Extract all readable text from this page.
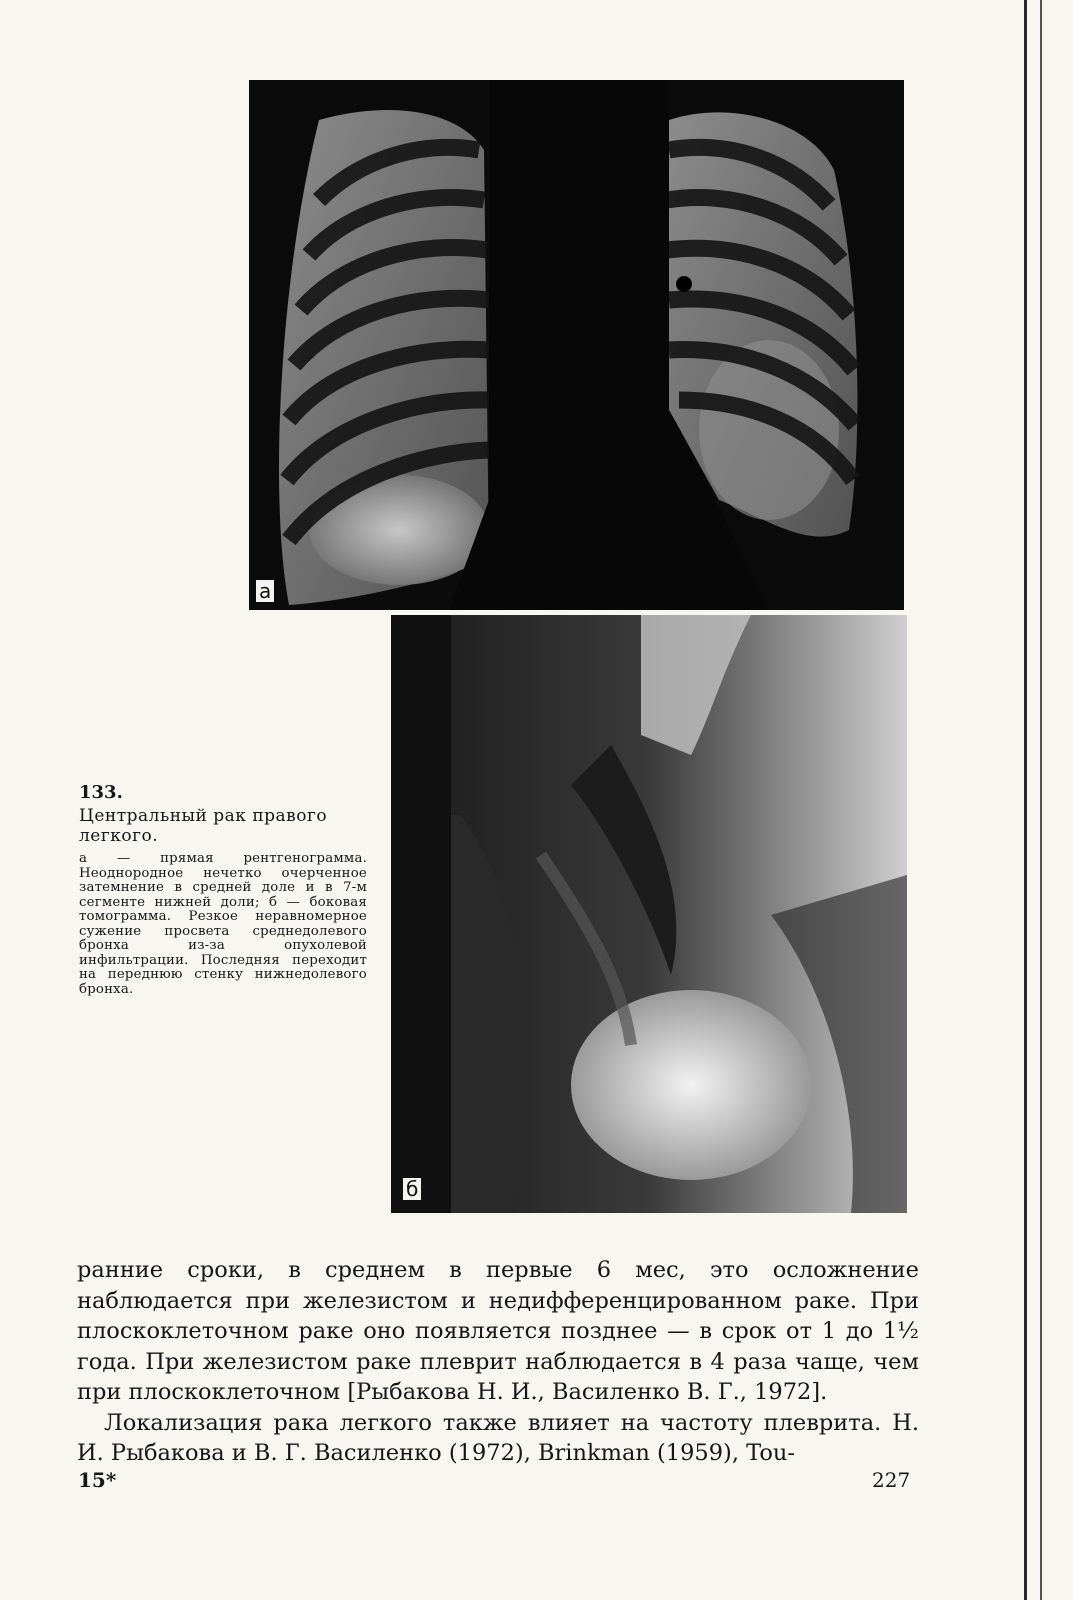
а
б
133.
Центральный рак правого легкого.

а — прямая рентгенограмма. Неоднородное нечетко очерченное затемнение в средней доле и в 7-м сегменте нижней доли; б — боковая томограмма. Резкое неравномерное сужение просвета среднедолевого бронха из-за опухолевой инфильтрации. Последняя переходит на переднюю стенку нижнедолевого бронха.

ранние сроки, в среднем в первые 6 мес, это осложнение наблюдается при железистом и недифференцированном раке. При плоскоклеточном раке оно появляется позднее — в срок от 1 до 1½ года. При железистом раке плеврит наблюдается в 4 раза чаще, чем при плоскоклеточном [Рыбакова Н. И., Василенко В. Г., 1972].

Локализация рака легкого также влияет на частоту плеврита. Н. И. Рыбакова и В. Г. Василенко (1972), Brinkman (1959), Tou-

15*	227
